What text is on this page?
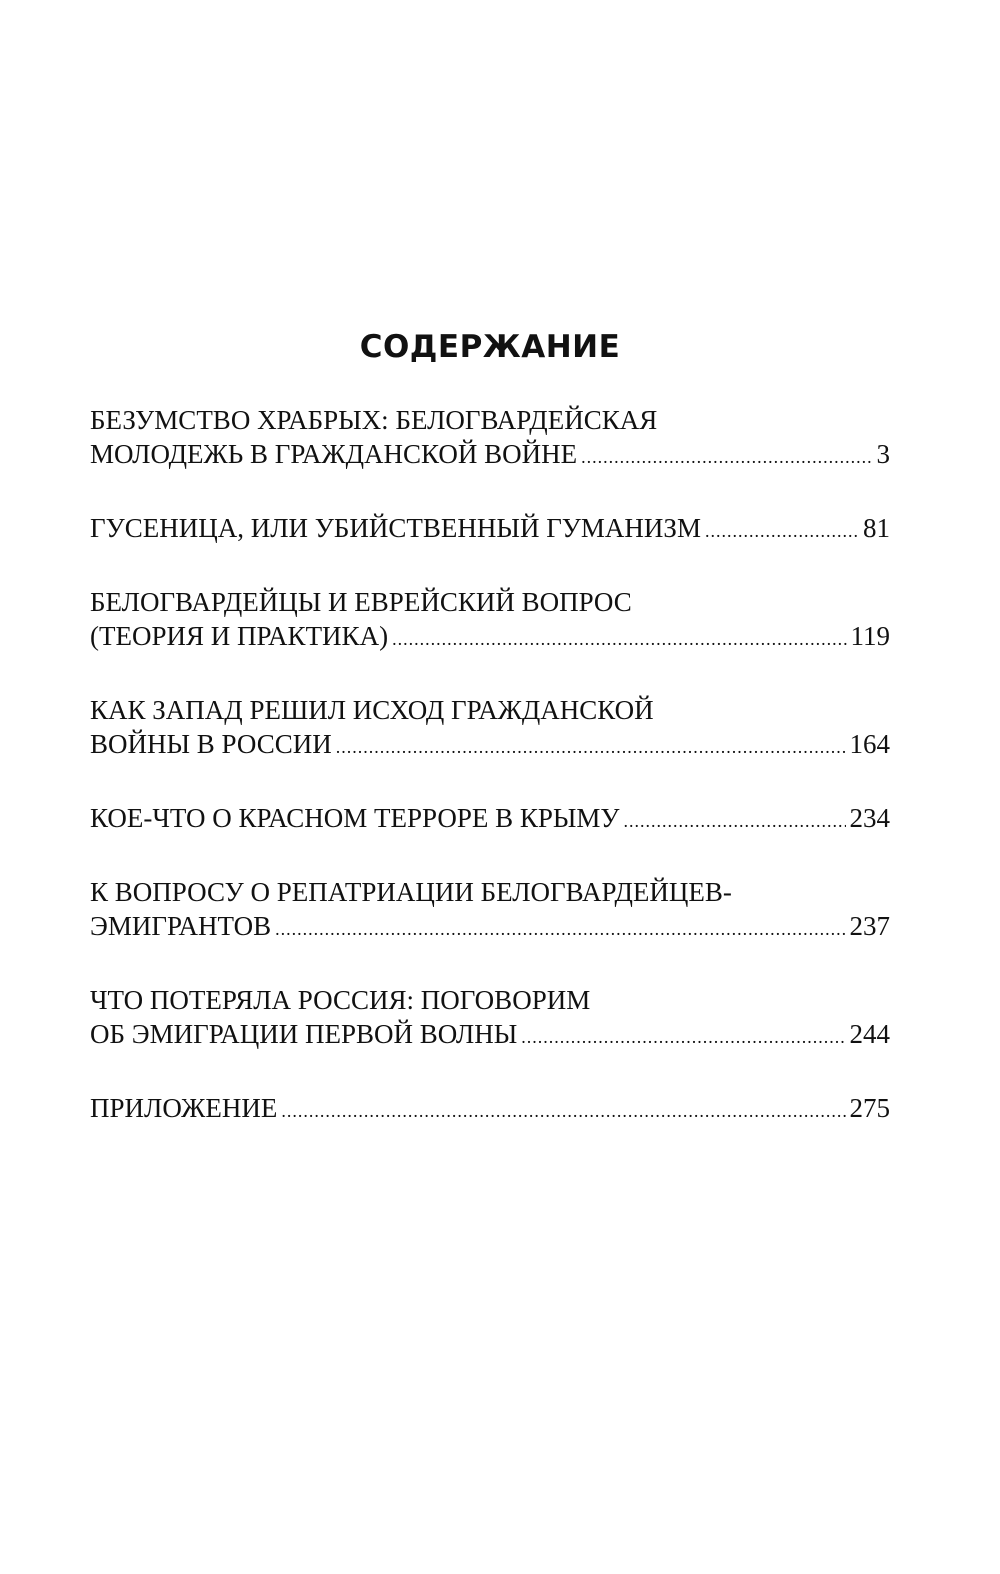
СОДЕРЖАНИЕ
БЕЗУМСТВО ХРАБРЫХ: БЕЛОГВАРДЕЙСКАЯ
МОЛОДЕЖЬ В ГРАЖДАНСКОЙ ВОЙНЕ .....	3
ГУСЕНИЦА, ИЛИ УБИЙСТВЕННЫЙ ГУМАНИЗМ .....	81
БЕЛОГВАРДЕЙЦЫ И ЕВРЕЙСКИЙ ВОПРОС
(ТЕОРИЯ И ПРАКТИКА) .....	119
КАК ЗАПАД РЕШИЛ ИСХОД ГРАЖДАНСКОЙ
ВОЙНЫ В РОССИИ .....	164
КОЕ-ЧТО О КРАСНОМ ТЕРРОРЕ В КРЫМУ .....	234
К ВОПРОСУ О РЕПАТРИАЦИИ БЕЛОГВАРДЕЙЦЕВ-
ЭМИГРАНТОВ .....	237
ЧТО ПОТЕРЯЛА РОССИЯ: ПОГОВОРИМ
ОБ ЭМИГРАЦИИ ПЕРВОЙ ВОЛНЫ .....	244
ПРИЛОЖЕНИЕ .....	275
